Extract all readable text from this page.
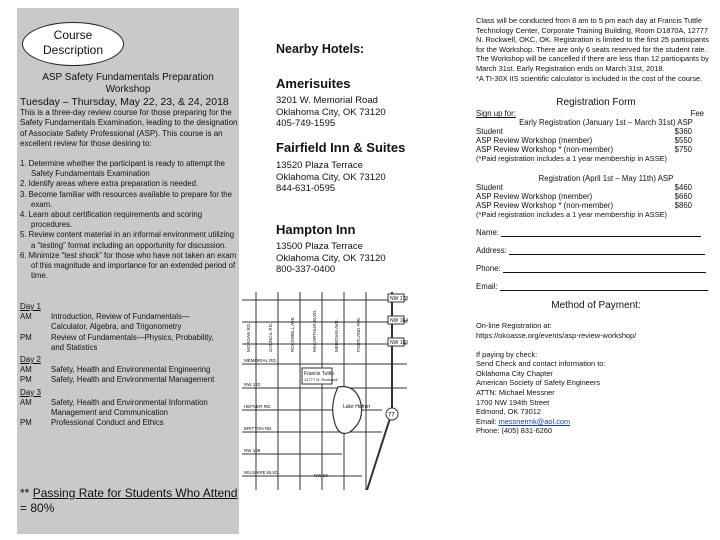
Course
Description
ASP Safety Fundamentals Preparation Workshop
Tuesday – Thursday, May 22, 23, & 24, 2018
This is a three-day review course for those preparing for the Safety Fundamentals Examination, leading to the designation of Associate Safety Professional (ASP). This course is an excellent review for those desiring to:
1. Determine whether the participant is ready to attempt the Safety Fundamentals Examination
2. Identify areas where extra preparation is needed.
3. Become familiar with resources available to prepare for the exam.
4. Learn about certification requirements and scoring procedures.
5. Review content material in an informal environment utilizing a “testing” format including an opportunity for discussion.
6. Minimize “test shock” for those who have not taken an exam of this magnitude and importance for an extended period of time.
Day 1
AM	Introduction, Review of Fundamentals—Calculator, Algebra, and Trigonometry
PM	Review of Fundamentals—Physics, Probability, and Statistics
Day 2
AM	Safety, Health and Environmental Engineering
PM	Safety, Health and Environmental Management
Day 3
AM	Safety, Health and Environmental Information Management and Communication
PM	Professional Conduct and Ethics
** Passing Rate for Students Who Attend = 80%
Nearby Hotels:
Amerisuites
3201 W. Memorial Road
Oklahoma City, OK 73120
405-749-1595
Fairfield Inn & Suites
13520 Plaza Terrace
Oklahoma City, OK 73120
844-631-0595
Hampton Inn
13500 Plaza Terrace
Oklahoma City, OK 73120
800-337-0400
NW 178
NW 164
NW 150
MEMORIAL RD.
NW 122
HEFNER RD.
BRITTON RD.
NW 108
WILSHIRE BLVD.
NW 63
MORGAN RD.	COUNCIL RD.	ROCKWELL AVE.	MACARTHUR BLVD.	MERIDIAN AVE.	PORTLAND AVE.
Francis Tuttle
12777 N. Rockwell
Lake Hefner
77
Class will be conducted from 8 am to 5 pm each day at Francis Tuttle Technology Center, Corporate Training Building, Room D1870A, 12777 N. Rockwell, OKC, OK. Registration is limited to the first 25 participants for the Workshop. There are only 6 seats reserved for the student rate. The Workshop will be cancelled if there are less than 12 participants by March 31st. Early Registration ends on March 31st, 2018.
*A TI-30X IIS scientific calculator is included in the cost of the course.
Registration Form
Sign up for:	Fee
Early Registration (January 1st – March 31st) ASP
Student	$360
ASP Review Workshop (member)	$550
ASP Review Workshop * (non-member)	$750
(*Paid registration includes a 1 year membership in ASSE)
Registration (April 1st – May 11th) ASP
Student	$460
ASP Review Workshop (member)	$660
ASP Review Workshop * (non-member)	$860
(*Paid registration includes a 1 year membership in ASSE)
Name:
Address:
Phone:
Email:
Method of Payment:
On-line Registration at:
https://okoasse.org/events/asp-review-workshop/
If paying by check:
Send Check and contact information to:
Oklahoma City Chapter
American Society of Safety Engineers
ATTN: Michael Messner
1700 NW 194th Street
Edmond, OK 73012
Email: messnermk@aol.com
Phone: (405) 831-6260
